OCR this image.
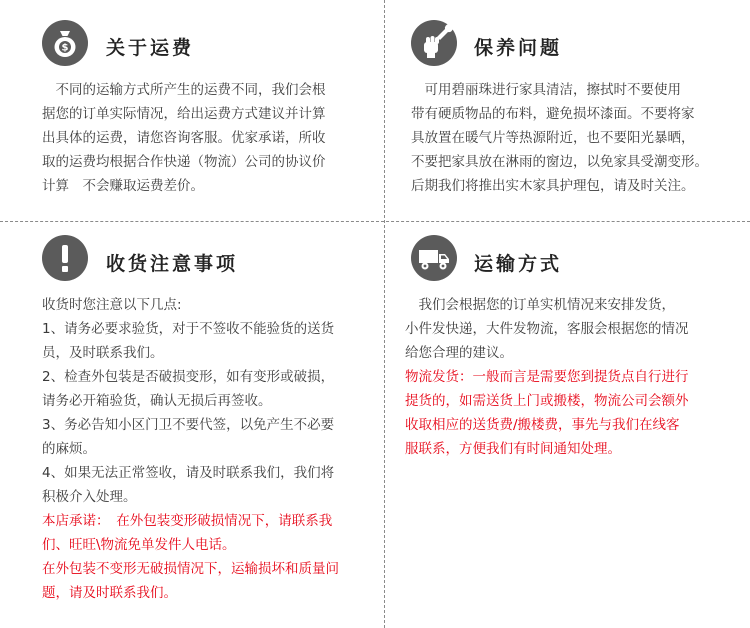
$ 关于运费
　不同的运输方式所产生的运费不同，我们会根
据您的订单实际情况，给出运费方式建议并计算
出具体的运费，请您咨询客服。优家承诺，所收
取的运费均根据合作快递（物流）公司的协议价
计算　不会赚取运费差价。
保养问题
　可用碧丽珠进行家具清洁，擦拭时不要使用
带有硬质物品的布料，避免损坏漆面。不要将家
具放置在暖气片等热源附近，也不要阳光暴晒，
不要把家具放在淋雨的窗边，以免家具受潮变形。
后期我们将推出实木家具护理包，请及时关注。
收货注意事项
收货时您注意以下几点:
1、请务必要求验货，对于不签收不能验货的送货
员，及时联系我们。
2、检查外包装是否破损变形，如有变形或破损，
请务必开箱验货，确认无损后再签收。
3、务必告知小区门卫不要代签，以免产生不必要
的麻烦。
4、如果无法正常签收，请及时联系我们，我们将
积极介入处理。
本店承诺：　在外包装变形破损情况下，请联系我
们、旺旺\物流免单发件人电话。
在外包装不变形无破损情况下，运输损坏和质量问
题，请及时联系我们。
运输方式
　我们会根据您的订单实机情况来安排发货，
小件发快递，大件发物流，客服会根据您的情况
给您合理的建议。
物流发货：一般而言是需要您到提货点自行进行
提货的，如需送货上门或搬楼，物流公司会额外
收取相应的送货费/搬楼费，事先与我们在线客
服联系，方便我们有时间通知处理。
